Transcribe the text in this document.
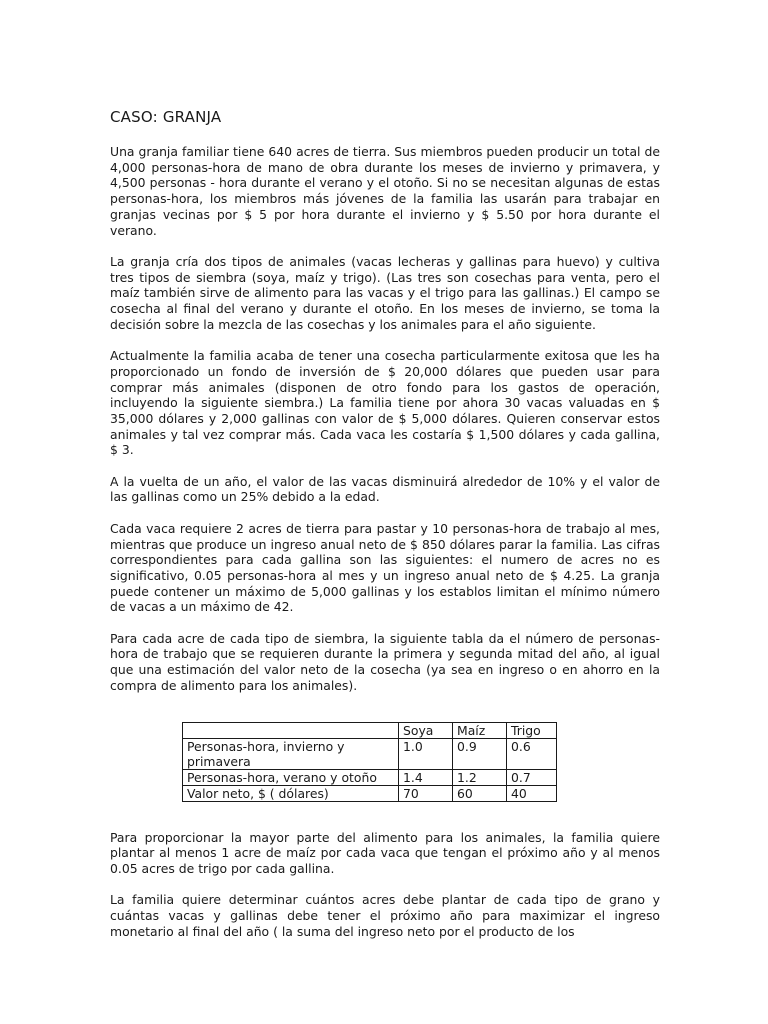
CASO: GRANJA

Una granja familiar tiene 640 acres de tierra. Sus miembros pueden producir un total de 4,000 personas-hora de mano de obra durante los meses de invierno y primavera, y 4,500 personas - hora durante el verano y el otoño. Si no se necesitan algunas de estas personas-hora, los miembros más jóvenes de la familia las usarán para trabajar en granjas vecinas por $ 5 por hora durante el invierno y $ 5.50 por hora durante el verano.

La granja cría dos tipos de animales (vacas lecheras y gallinas para huevo) y cultiva tres tipos de siembra (soya, maíz y trigo). (Las tres son cosechas para venta, pero el maíz también sirve de alimento para las vacas y el trigo para las gallinas.) El campo se cosecha al final del verano y durante el otoño. En los meses de invierno, se toma la decisión sobre la mezcla de las cosechas y los animales para el año siguiente.

Actualmente la familia acaba de tener una cosecha particularmente exitosa que les ha proporcionado un fondo de inversión de $ 20,000 dólares que pueden usar para comprar más animales (disponen de otro fondo para los gastos de operación, incluyendo la siguiente siembra.) La familia tiene por ahora 30 vacas valuadas en $ 35,000 dólares y 2,000 gallinas con valor de $ 5,000 dólares. Quieren conservar estos animales y tal vez comprar más. Cada vaca les costaría $ 1,500 dólares y cada gallina, $ 3.

A la vuelta de un año, el valor de las vacas disminuirá alrededor de 10% y el valor de las gallinas como un 25% debido a la edad.

Cada vaca requiere 2 acres de tierra para pastar y 10 personas-hora de trabajo al mes, mientras que produce un ingreso anual neto de $ 850 dólares parar la familia. Las cifras correspondientes para cada gallina son las siguientes: el numero de acres no es significativo, 0.05 personas-hora al mes y un ingreso anual neto de $ 4.25. La granja puede contener un máximo de 5,000 gallinas y los establos limitan el mínimo número de vacas a un máximo de 42.

Para cada acre de cada tipo de siembra, la siguiente tabla da el número de personas-hora de trabajo que se requieren durante la primera y segunda mitad del año, al igual que una estimación del valor neto de la cosecha (ya sea en ingreso o en ahorro en la compra de alimento para los animales).

	Soya	Maíz	Trigo
Personas-hora, invierno y primavera	1.0	0.9	0.6
Personas-hora, verano y otoño	1.4	1.2	0.7
Valor neto, $ ( dólares)	70	60	40

Para proporcionar la mayor parte del alimento para los animales, la familia quiere plantar al menos 1 acre de maíz por cada vaca que tengan el próximo año y al menos 0.05 acres de trigo por cada gallina.

La familia quiere determinar cuántos acres debe plantar de cada tipo de grano y cuántas vacas y gallinas debe tener el próximo año para maximizar el ingreso monetario al final del año ( la suma del ingreso neto por el producto de los
